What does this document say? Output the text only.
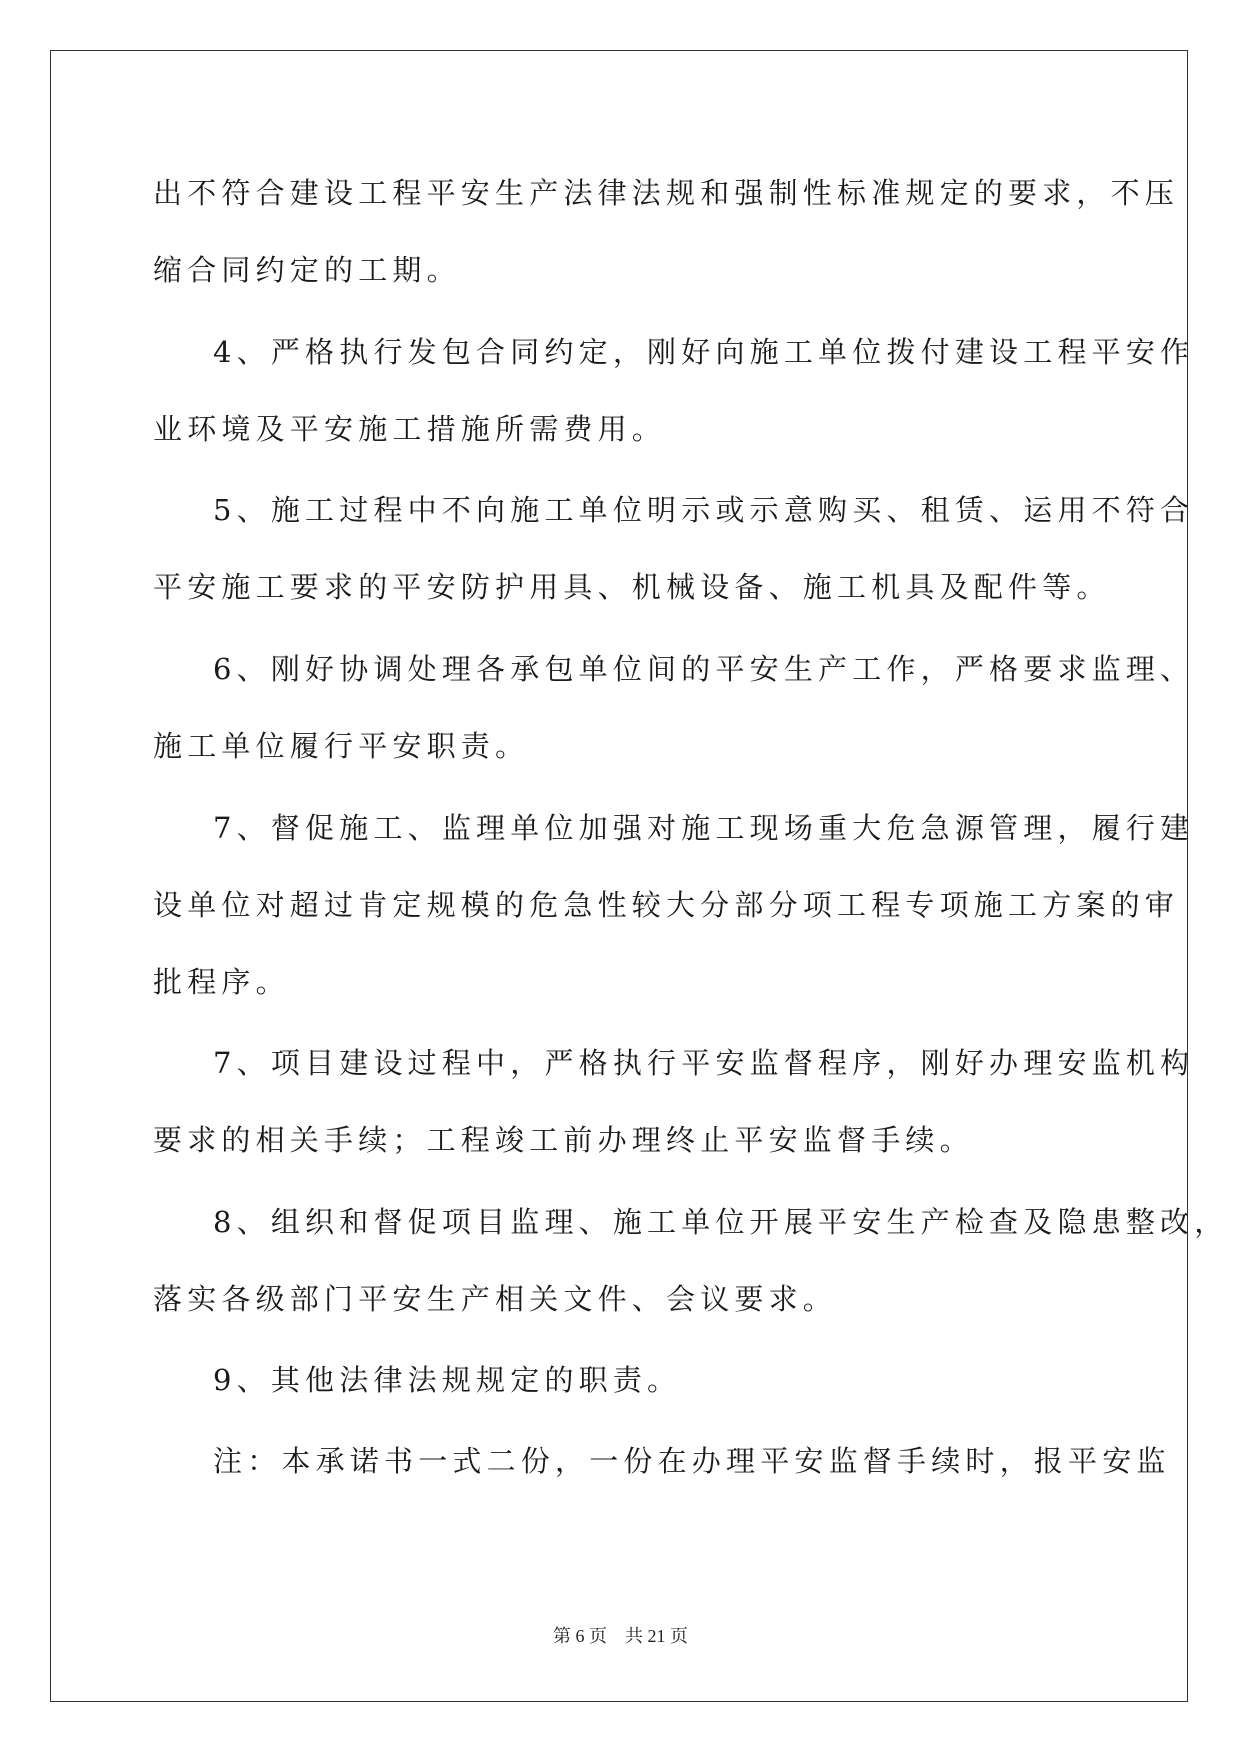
出不符合建设工程平安生产法律法规和强制性标准规定的要求，不压
缩合同约定的工期。
4、严格执行发包合同约定，刚好向施工单位拨付建设工程平安作
业环境及平安施工措施所需费用。
5、施工过程中不向施工单位明示或示意购买、租赁、运用不符合
平安施工要求的平安防护用具、机械设备、施工机具及配件等。
6、刚好协调处理各承包单位间的平安生产工作，严格要求监理、
施工单位履行平安职责。
7、督促施工、监理单位加强对施工现场重大危急源管理，履行建
设单位对超过肯定规模的危急性较大分部分项工程专项施工方案的审
批程序。
7、项目建设过程中，严格执行平安监督程序，刚好办理安监机构
要求的相关手续；工程竣工前办理终止平安监督手续。
8、组织和督促项目监理、施工单位开展平安生产检查及隐患整改，
落实各级部门平安生产相关文件、会议要求。
9、其他法律法规规定的职责。
注：本承诺书一式二份，一份在办理平安监督手续时，报平安监
第 6 页 共 21 页
